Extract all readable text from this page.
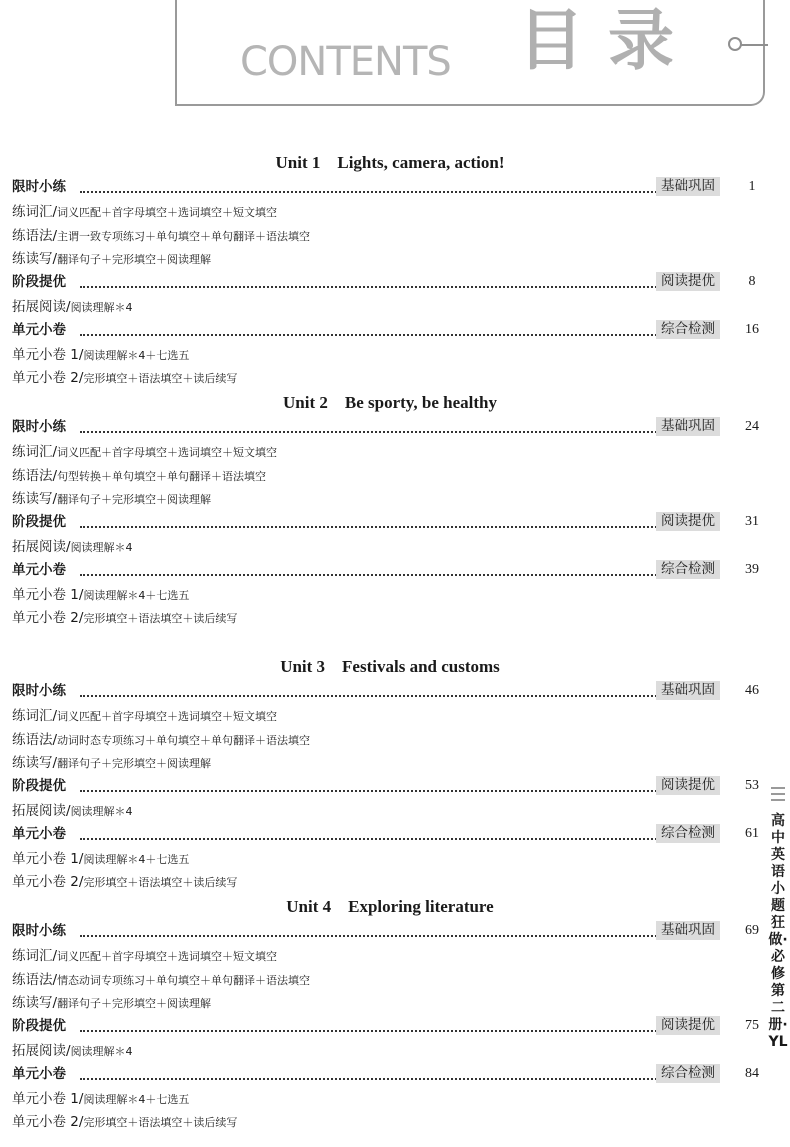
CONTENTS 目录
Unit 1　Lights, camera, action!
限时小练	基础巩固	1
练词汇/词义匹配＋首字母填空＋选词填空＋短文填空
练语法/主谓一致专项练习＋单句填空＋单句翻译＋语法填空
练读写/翻译句子＋完形填空＋阅读理解
阶段提优	阅读提优	8
拓展阅读/阅读理解＊4
单元小卷	综合检测	16
单元小卷 1/阅读理解＊4＋七选五
单元小卷 2/完形填空＋语法填空＋读后续写
Unit 2　Be sporty, be healthy
限时小练	基础巩固	24
练词汇/词义匹配＋首字母填空＋选词填空＋短文填空
练语法/句型转换＋单句填空＋单句翻译＋语法填空
练读写/翻译句子＋完形填空＋阅读理解
阶段提优	阅读提优	31
拓展阅读/阅读理解＊4
单元小卷	综合检测	39
单元小卷 1/阅读理解＊4＋七选五
单元小卷 2/完形填空＋语法填空＋读后续写
Unit 3　Festivals and customs
限时小练	基础巩固	46
练词汇/词义匹配＋首字母填空＋选词填空＋短文填空
练语法/动词时态专项练习＋单句填空＋单句翻译＋语法填空
练读写/翻译句子＋完形填空＋阅读理解
阶段提优	阅读提优	53
拓展阅读/阅读理解＊4
单元小卷	综合检测	61
单元小卷 1/阅读理解＊4＋七选五
单元小卷 2/完形填空＋语法填空＋读后续写
Unit 4　Exploring literature
限时小练	基础巩固	69
练词汇/词义匹配＋首字母填空＋选词填空＋短文填空
练语法/情态动词专项练习＋单句填空＋单句翻译＋语法填空
练读写/翻译句子＋完形填空＋阅读理解
阶段提优	阅读提优	75
拓展阅读/阅读理解＊4
单元小卷	综合检测	84
单元小卷 1/阅读理解＊4＋七选五
单元小卷 2/完形填空＋语法填空＋读后续写
高中英语 小题狂做·必修第二册·YL
